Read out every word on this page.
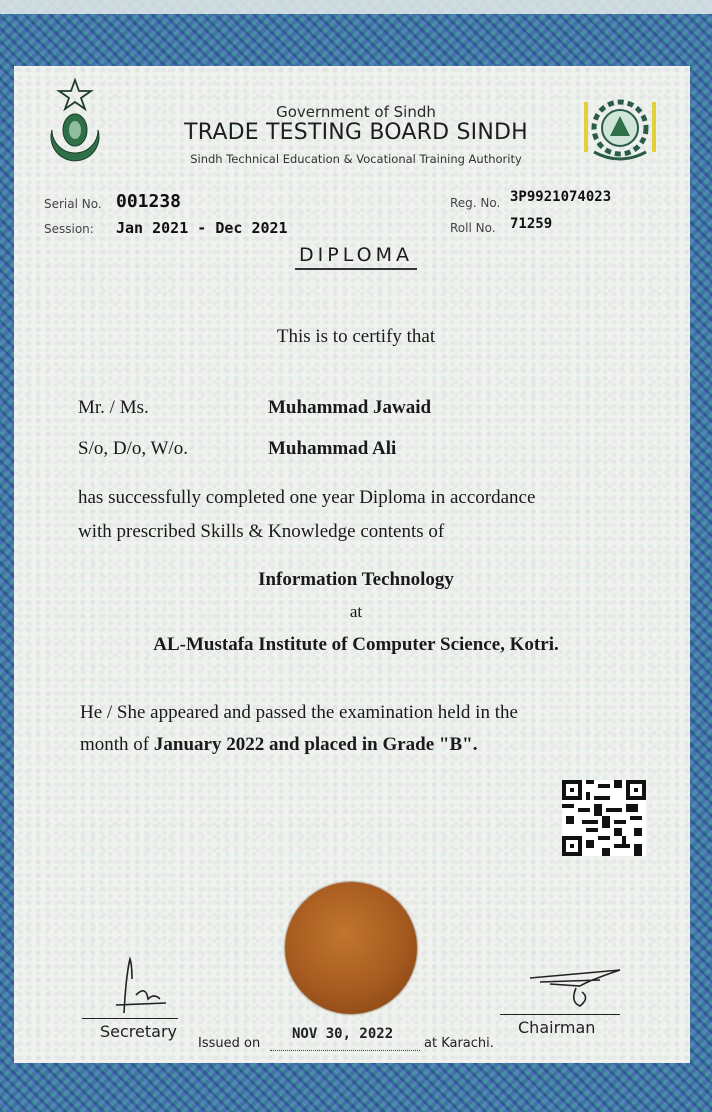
Government of Sindh
TRADE TESTING BOARD SINDH
Sindh Technical Education & Vocational Training Authority
Serial No. 001238
Session: Jan 2021 - Dec 2021
Reg. No. 3P9921074023
Roll No. 71259
DIPLOMA
This is to certify that
Mr. / Ms.	Muhammad Jawaid
S/o, D/o, W/o.	Muhammad Ali
has successfully completed one year Diploma in accordance
with prescribed Skills & Knowledge contents of
Information Technology
at
AL-Mustafa Institute of Computer Science, Kotri.
He / She appeared and passed the examination held in the
month of January 2022 and placed in Grade "B".
Secretary
Issued on
NOV 30, 2022
at Karachi.
Chairman
